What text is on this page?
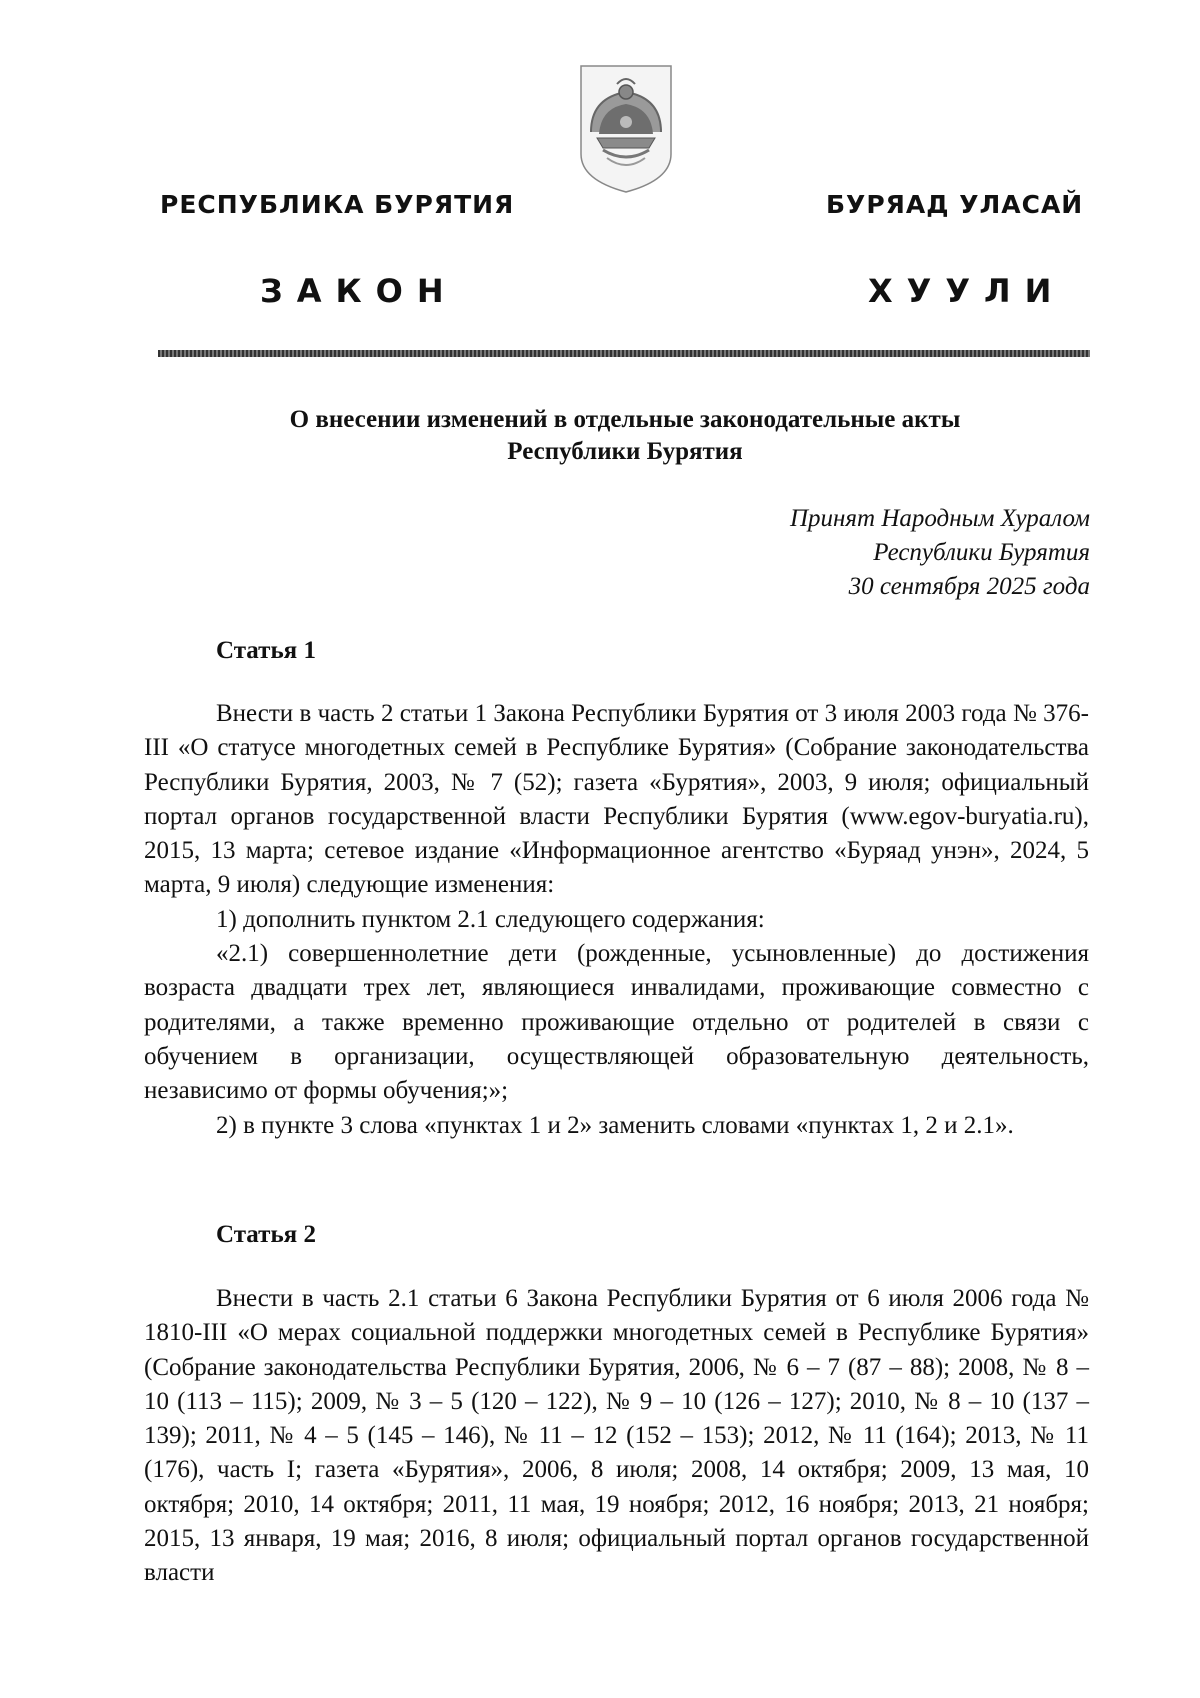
РЕСПУБЛИКА БУРЯТИЯ	БУРЯАД УЛАСАЙ
ЗАКОН	ХУУЛИ
О внесении изменений в отдельные законодательные акты
Республики Бурятия
Принят Народным Хуралом
Республики Бурятия
30 сентября 2025 года
Статья 1

Внести в часть 2 статьи 1 Закона Республики Бурятия от 3 июля 2003 года № 376-III «О статусе многодетных семей в Республике Бурятия» (Собрание законодательства Республики Бурятия, 2003, № 7 (52); газета «Бурятия», 2003, 9 июля; официальный портал органов государственной власти Республики Бурятия (www.egov-buryatia.ru), 2015, 13 марта; сетевое издание «Информационное агентство «Буряад унэн», 2024, 5 марта, 9 июля) следующие изменения:

1) дополнить пунктом 2.1 следующего содержания:

«2.1) совершеннолетние дети (рожденные, усыновленные) до достижения возраста двадцати трех лет, являющиеся инвалидами, проживающие совместно с родителями, а также временно проживающие отдельно от родителей в связи с обучением в организации, осуществляющей образовательную деятельность, независимо от формы обучения;»;

2) в пункте 3 слова «пунктах 1 и 2» заменить словами «пунктах 1, 2 и 2.1».

Статья 2

Внести в часть 2.1 статьи 6 Закона Республики Бурятия от 6 июля 2006 года № 1810-III «О мерах социальной поддержки многодетных семей в Республике Бурятия» (Собрание законодательства Республики Бурятия, 2006, № 6 – 7 (87 – 88); 2008, № 8 – 10 (113 – 115); 2009, № 3 – 5 (120 – 122), № 9 – 10 (126 – 127); 2010, № 8 – 10 (137 – 139); 2011, № 4 – 5 (145 – 146), № 11 – 12 (152 – 153); 2012, № 11 (164); 2013, № 11 (176), часть I; газета «Бурятия», 2006, 8 июля; 2008, 14 октября; 2009, 13 мая, 10 октября; 2010, 14 октября; 2011, 11 мая, 19 ноября; 2012, 16 ноября; 2013, 21 ноября; 2015, 13 января, 19 мая; 2016, 8 июля; официальный портал органов государственной власти
